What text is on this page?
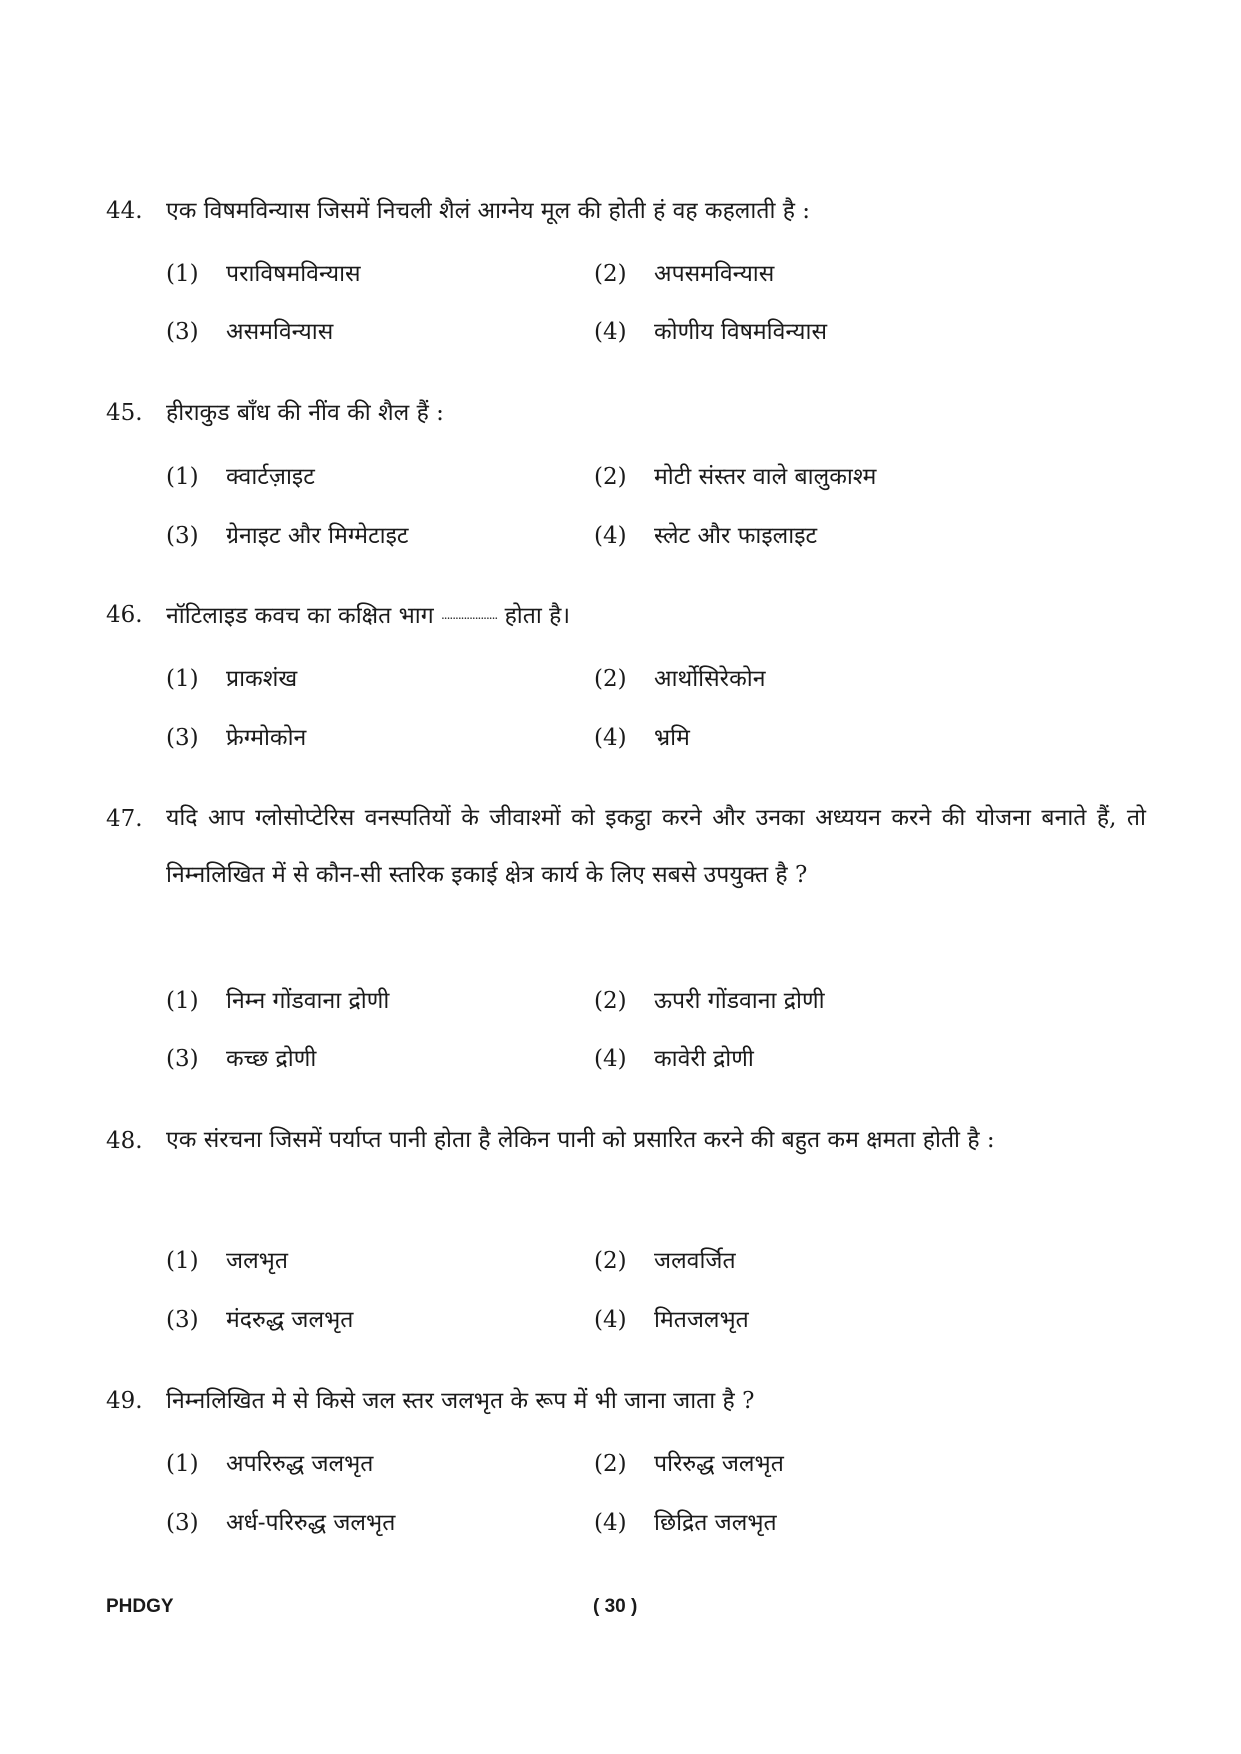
44. एक विषमविन्यास जिसमें निचली शैलं आग्नेय मूल की होती हं वह कहलाती है :
(1)	पराविषमविन्यास	(2)	अपसमविन्यास
(3)	असमविन्यास	(4)	कोणीय विषमविन्यास
45. हीराकुड बाँध की नींव की शैल हैं :
(1)	क्वार्टज़ाइट	(2)	मोटी संस्तर वाले बालुकाश्म
(3)	ग्रेनाइट और मिग्मेटाइट	(4)	स्लेट और फाइलाइट
46. नॉटिलाइड कवच का कक्षित भाग .................... होता है।
(1)	प्राकशंख	(2)	आर्थोसिरेकोन
(3)	फ्रेग्मोकोन	(4)	भ्रमि
47. यदि आप ग्लोसोप्टेरिस वनस्पतियों के जीवाश्मों को इकट्ठा करने और उनका अध्ययन करने की योजना बनाते हैं, तो निम्नलिखित में से कौन-सी स्तरिक इकाई क्षेत्र कार्य के लिए सबसे उपयुक्त है ?
(1)	निम्न गोंडवाना द्रोणी	(2)	ऊपरी गोंडवाना द्रोणी
(3)	कच्छ द्रोणी	(4)	कावेरी द्रोणी
48. एक संरचना जिसमें पर्याप्त पानी होता है लेकिन पानी को प्रसारित करने की बहुत कम क्षमता होती है :
(1)	जलभृत	(2)	जलवर्जित
(3)	मंदरुद्ध जलभृत	(4)	मितजलभृत
49. निम्नलिखित मे से किसे जल स्तर जलभृत के रूप में भी जाना जाता है ?
(1)	अपरिरुद्ध जलभृत	(2)	परिरुद्ध जलभृत
(3)	अर्ध-परिरुद्ध जलभृत	(4)	छिद्रित जलभृत
PHDGY	( 30 )
